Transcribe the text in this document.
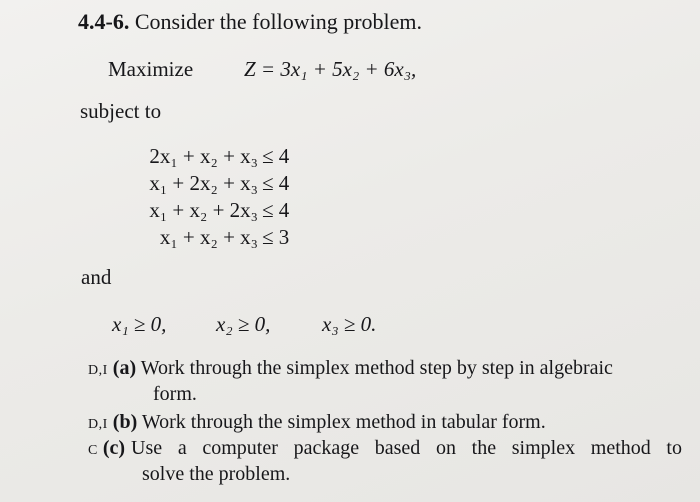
4.4-6. Consider the following problem.
Maximize Z = 3x₁ + 5x₂ + 6x₃,
subject to
2x₁ + x₂ + x₃ ≤ 4
x₁ + 2x₂ + x₃ ≤ 4
x₁ + x₂ + 2x₃ ≤ 4
x₁ + x₂ + x₃ ≤ 3
and
x₁ ≥ 0, x₂ ≥ 0, x₃ ≥ 0.
D,I (a) Work through the simplex method step by step in algebraic
form.
D,I (b) Work through the simplex method in tabular form.
C (c) Use a computer package based on the simplex method to
solve the problem.
